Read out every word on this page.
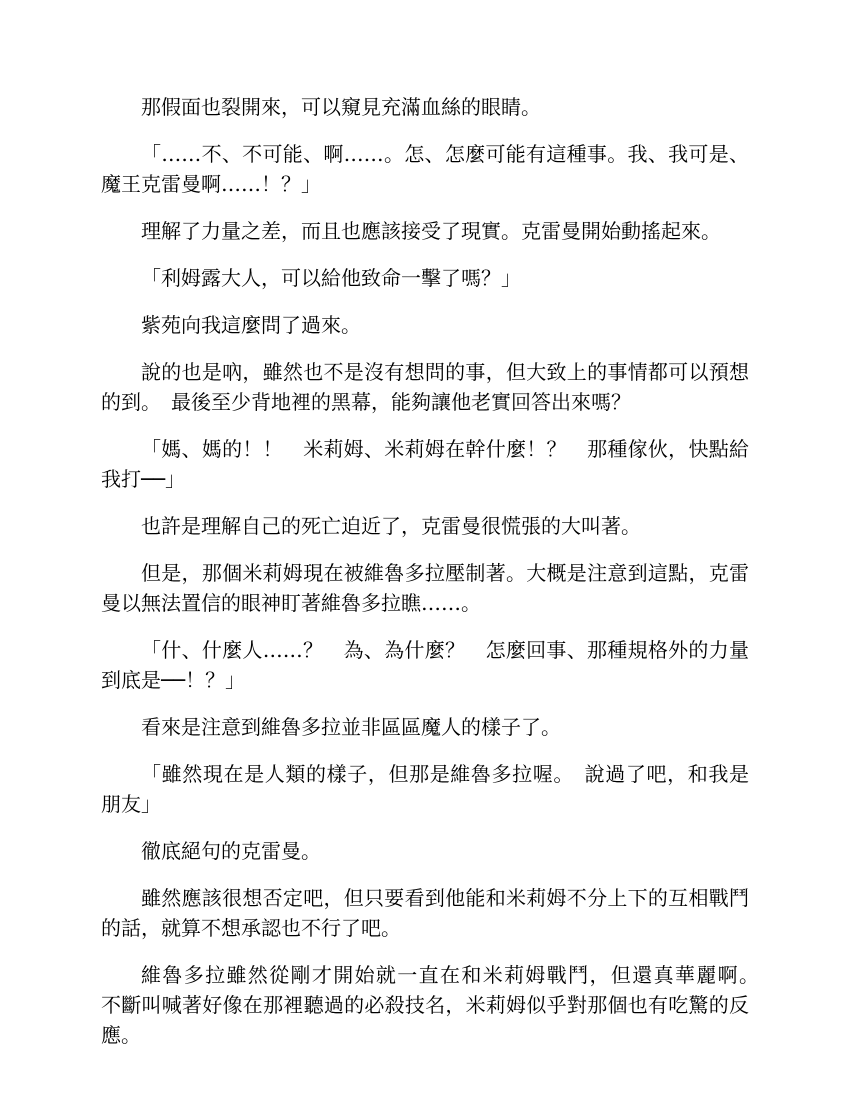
那假面也裂開來，可以窺見充滿血絲的眼睛。

「……不、不可能、啊……。怎、怎麼可能有這種事。我、我可是、魔王克雷曼啊……！？」

理解了力量之差，而且也應該接受了現實。克雷曼開始動搖起來。

「利姆露大人，可以給他致命一擊了嗎？」

紫苑向我這麼問了過來。

說的也是吶，雖然也不是沒有想問的事，但大致上的事情都可以預想的到。　最後至少背地裡的黑幕，能夠讓他老實回答出來嗎？

「媽、媽的！！　米莉姆、米莉姆在幹什麼！？　那種傢伙，快點給我打──」

也許是理解自己的死亡迫近了，克雷曼很慌張的大叫著。

但是，那個米莉姆現在被維魯多拉壓制著。大概是注意到這點，克雷曼以無法置信的眼神盯著維魯多拉瞧……。

「什、什麼人……？　為、為什麼？　怎麼回事、那種規格外的力量到底是──！？」

看來是注意到維魯多拉並非區區魔人的樣子了。

「雖然現在是人類的樣子，但那是維魯多拉喔。　說過了吧，和我是朋友」

徹底絕句的克雷曼。

雖然應該很想否定吧，但只要看到他能和米莉姆不分上下的互相戰鬥的話，就算不想承認也不行了吧。

維魯多拉雖然從剛才開始就一直在和米莉姆戰鬥，但還真華麗啊。　不斷叫喊著好像在那裡聽過的必殺技名，米莉姆似乎對那個也有吃驚的反應。
